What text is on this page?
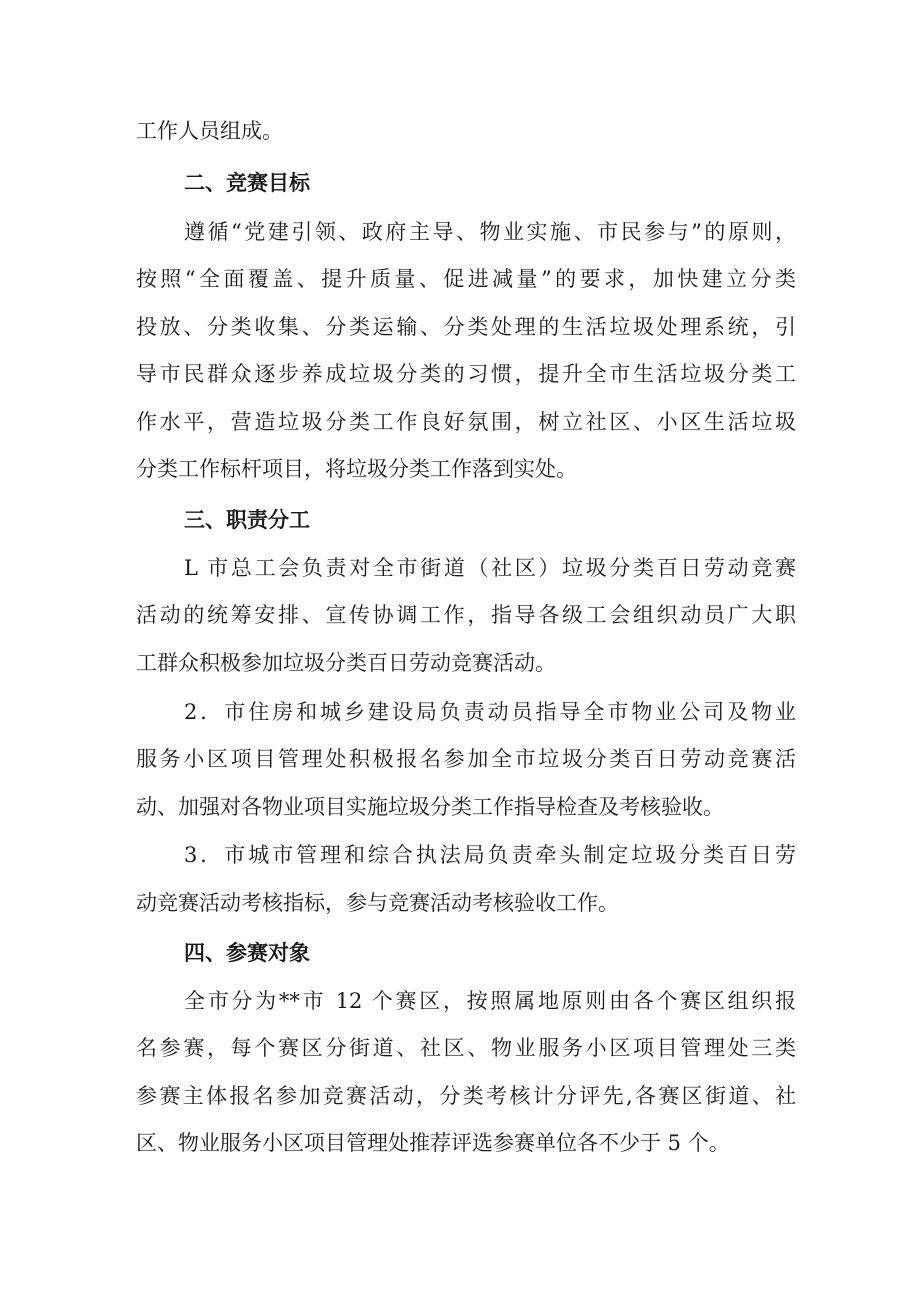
工作人员组成。
二、竞赛目标
遵循“党建引领、政府主导、物业实施、市民参与”的原则，
按照“全面覆盖、提升质量、促进减量”的要求，加快建立分类
投放、分类收集、分类运输、分类处理的生活垃圾处理系统，引
导市民群众逐步养成垃圾分类的习惯，提升全市生活垃圾分类工
作水平，营造垃圾分类工作良好氛围，树立社区、小区生活垃圾
分类工作标杆项目，将垃圾分类工作落到实处。
三、职责分工
L 市总工会负责对全市街道（社区）垃圾分类百日劳动竞赛
活动的统筹安排、宣传协调工作，指导各级工会组织动员广大职
工群众积极参加垃圾分类百日劳动竞赛活动。
2．市住房和城乡建设局负责动员指导全市物业公司及物业
服务小区项目管理处积极报名参加全市垃圾分类百日劳动竞赛活
动、加强对各物业项目实施垃圾分类工作指导检查及考核验收。
3．市城市管理和综合执法局负责牵头制定垃圾分类百日劳
动竞赛活动考核指标，参与竞赛活动考核验收工作。
四、参赛对象
全市分为**市 12 个赛区，按照属地原则由各个赛区组织报
名参赛，每个赛区分街道、社区、物业服务小区项目管理处三类
参赛主体报名参加竞赛活动，分类考核计分评先,各赛区街道、社
区、物业服务小区项目管理处推荐评选参赛单位各不少于 5 个。
